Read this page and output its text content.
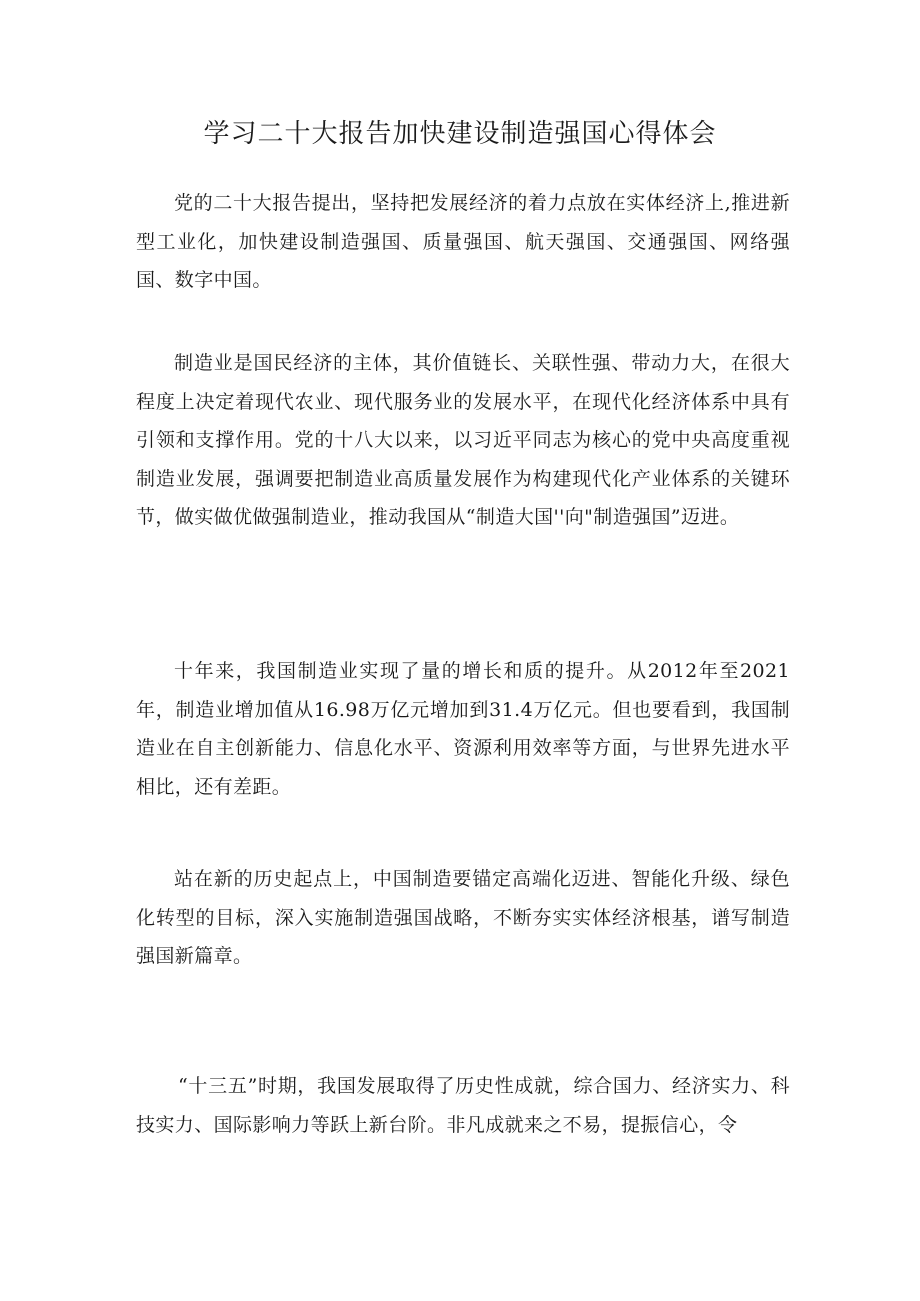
学习二十大报告加快建设制造强国心得体会

党的二十大报告提出，坚持把发展经济的着力点放在实体经济上,推进新型工业化，加快建设制造强国、质量强国、航天强国、交通强国、网络强国、数字中国。

制造业是国民经济的主体，其价值链长、关联性强、带动力大，在很大程度上决定着现代农业、现代服务业的发展水平，在现代化经济体系中具有引领和支撑作用。党的十八大以来，以习近平同志为核心的党中央高度重视制造业发展，强调要把制造业高质量发展作为构建现代化产业体系的关键环节，做实做优做强制造业，推动我国从“制造大国''向"制造强国”迈进。

十年来，我国制造业实现了量的增长和质的提升。从2012年至2021年，制造业增加值从16.98万亿元增加到31.4万亿元。但也要看到，我国制造业在自主创新能力、信息化水平、资源利用效率等方面，与世界先进水平相比，还有差距。

站在新的历史起点上，中国制造要锚定高端化迈进、智能化升级、绿色化转型的目标，深入实施制造强国战略，不断夯实实体经济根基，谱写制造强国新篇章。

“十三五”时期，我国发展取得了历史性成就，综合国力、经济实力、科技实力、国际影响力等跃上新台阶。非凡成就来之不易，提振信心，令
